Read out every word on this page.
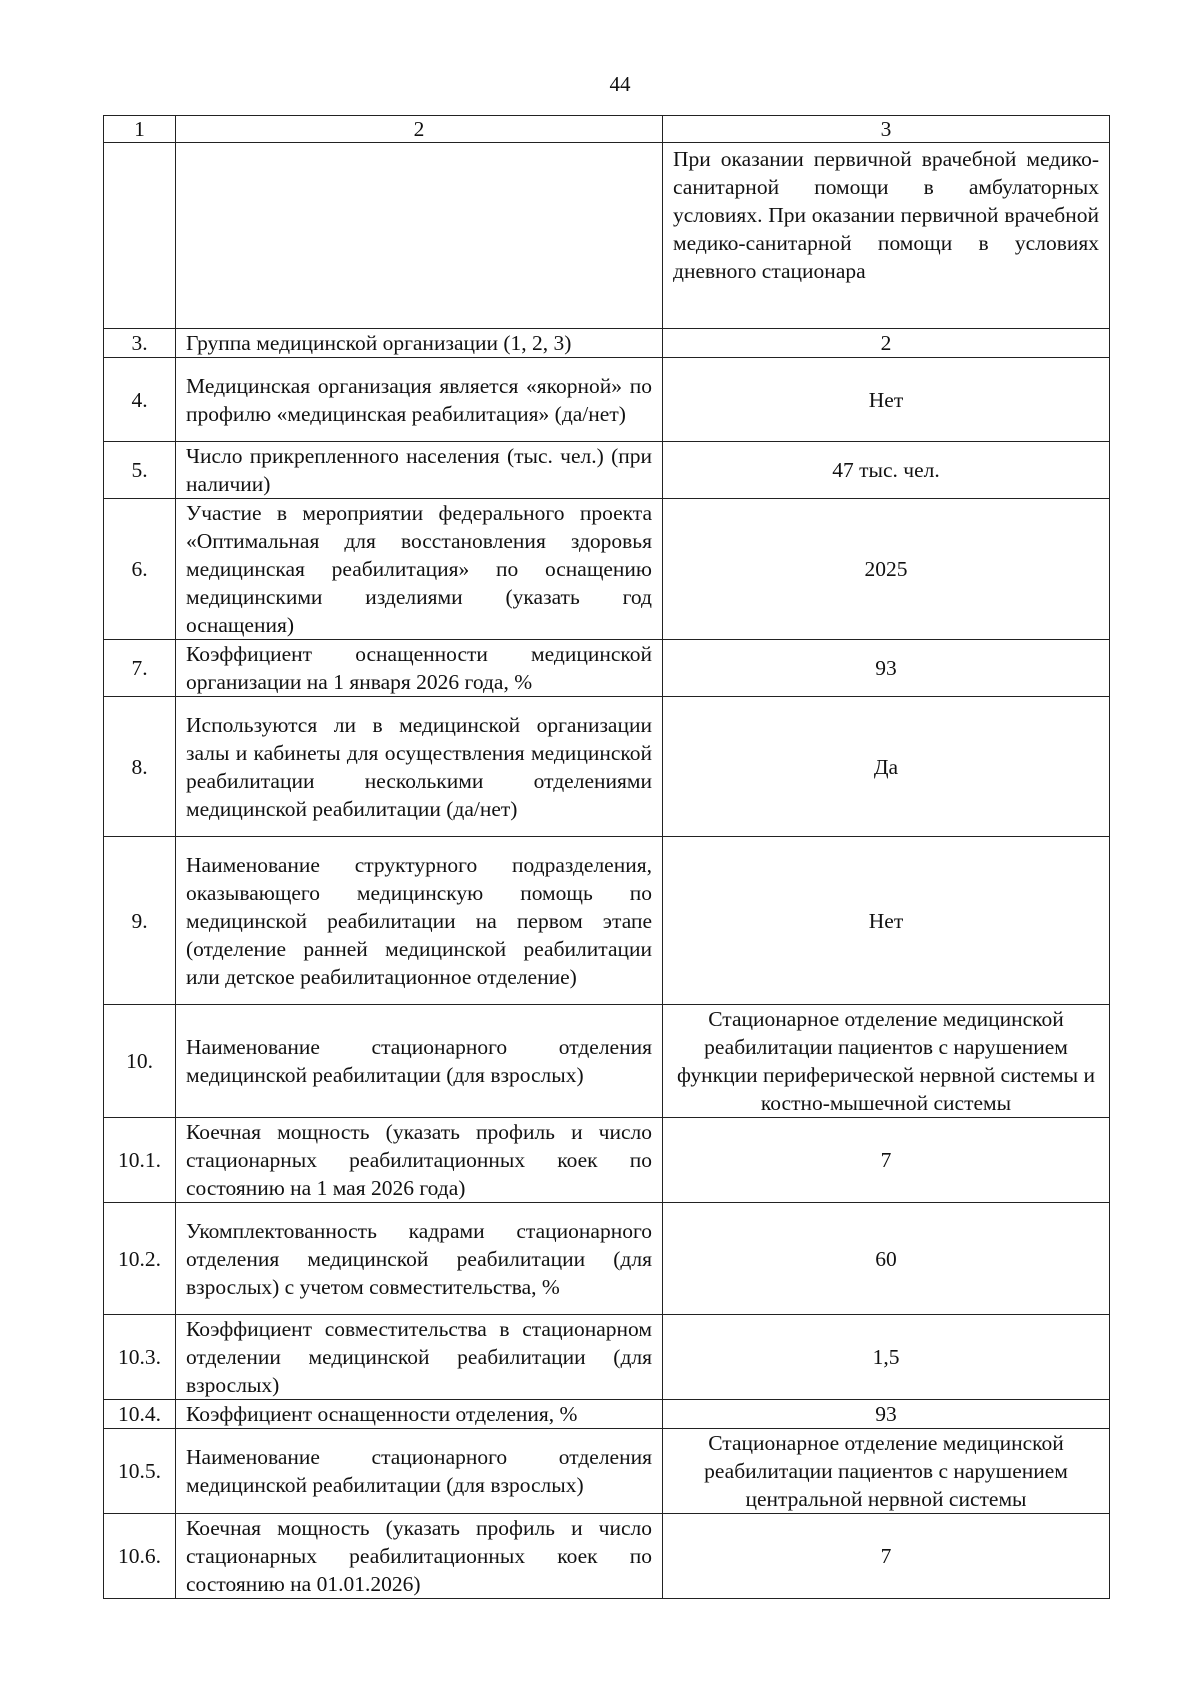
44
1	2	3
		При оказании первичной врачебной медико-санитарной помощи в амбулаторных условиях. При оказании первичной врачебной медико-санитарной помощи в условиях дневного стационара
3.	Группа медицинской организации (1, 2, 3)	2
4.	Медицинская организация является «якорной» по профилю «медицинская реабилитация» (да/нет)	Нет
5.	Число прикрепленного населения (тыс. чел.) (при наличии)	47 тыс. чел.
6.	Участие в мероприятии федерального проекта «Оптимальная для восстановления здоровья медицинская реабилитация» по оснащению медицинскими изделиями (указать год оснащения)	2025
7.	Коэффициент оснащенности медицинской организации на 1 января 2026 года, %	93
8.	Используются ли в медицинской организации залы и кабинеты для осуществления медицинской реабилитации несколькими отделениями медицинской реабилитации (да/нет)	Да
9.	Наименование структурного подразделения, оказывающего медицинскую помощь по медицинской реабилитации на первом этапе (отделение ранней медицинской реабилитации или детское реабилитационное отделение)	Нет
10.	Наименование стационарного отделения медицинской реабилитации (для взрослых)	Стационарное отделение медицинской реабилитации пациентов с нарушением функции периферической нервной системы и костно-мышечной системы
10.1.	Коечная мощность (указать профиль и число стационарных реабилитационных коек по состоянию на 1 мая 2026 года)	7
10.2.	Укомплектованность кадрами стационарного отделения медицинской реабилитации (для взрослых) с учетом совместительства, %	60
10.3.	Коэффициент совместительства в стационарном отделении медицинской реабилитации (для взрослых)	1,5
10.4.	Коэффициент оснащенности отделения, %	93
10.5.	Наименование стационарного отделения медицинской реабилитации (для взрослых)	Стационарное отделение медицинской реабилитации пациентов с нарушением центральной нервной системы
10.6.	Коечная мощность (указать профиль и число стационарных реабилитационных коек по состоянию на 01.01.2026)	7
